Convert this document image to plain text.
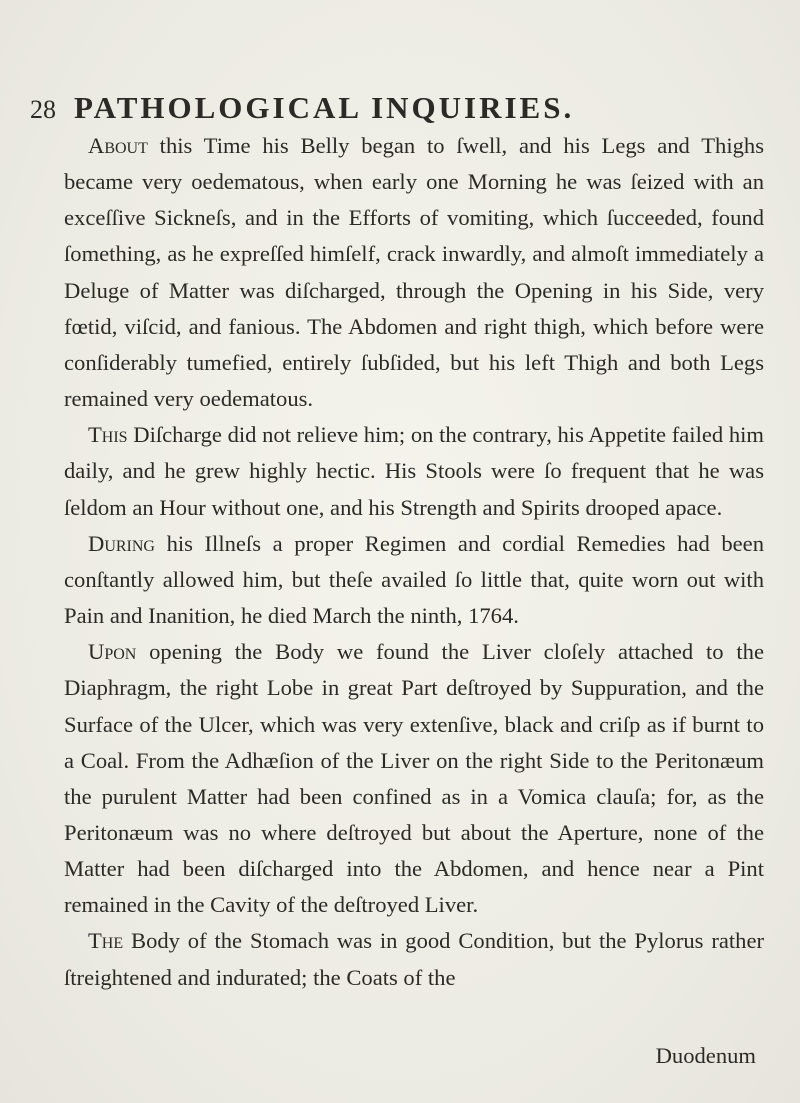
28 PATHOLOGICAL INQUIRIES.

About this Time his Belly began to ſwell, and his Legs and Thighs became very oedematous, when early one Morning he was ſeized with an exceſſive Sickneſs, and in the Efforts of vomiting, which ſucceeded, found ſomething, as he expreſſed himſelf, crack inwardly, and almoſt immediately a Deluge of Matter was diſcharged, through the Opening in his Side, very fœtid, viſcid, and fanious. The Abdomen and right thigh, which before were conſiderably tumefied, entirely ſubſided, but his left Thigh and both Legs remained very oedematous.

This Diſcharge did not relieve him; on the contrary, his Appetite failed him daily, and he grew highly hectic. His Stools were ſo frequent that he was ſeldom an Hour without one, and his Strength and Spirits drooped apace.

During his Illneſs a proper Regimen and cordial Remedies had been conſtantly allowed him, but theſe availed ſo little that, quite worn out with Pain and Inanition, he died March the ninth, 1764.

Upon opening the Body we found the Liver cloſely attached to the Diaphragm, the right Lobe in great Part deſtroyed by Suppuration, and the Surface of the Ulcer, which was very extenſive, black and criſp as if burnt to a Coal. From the Adhæſion of the Liver on the right Side to the Peritonæum the purulent Matter had been confined as in a Vomica clauſa; for, as the Peritonæum was no where deſtroyed but about the Aperture, none of the Matter had been diſcharged into the Abdomen, and hence near a Pint remained in the Cavity of the deſtroyed Liver.

The Body of the Stomach was in good Condition, but the Pylorus rather ſtreightened and indurated; the Coats of the

Duodenum
